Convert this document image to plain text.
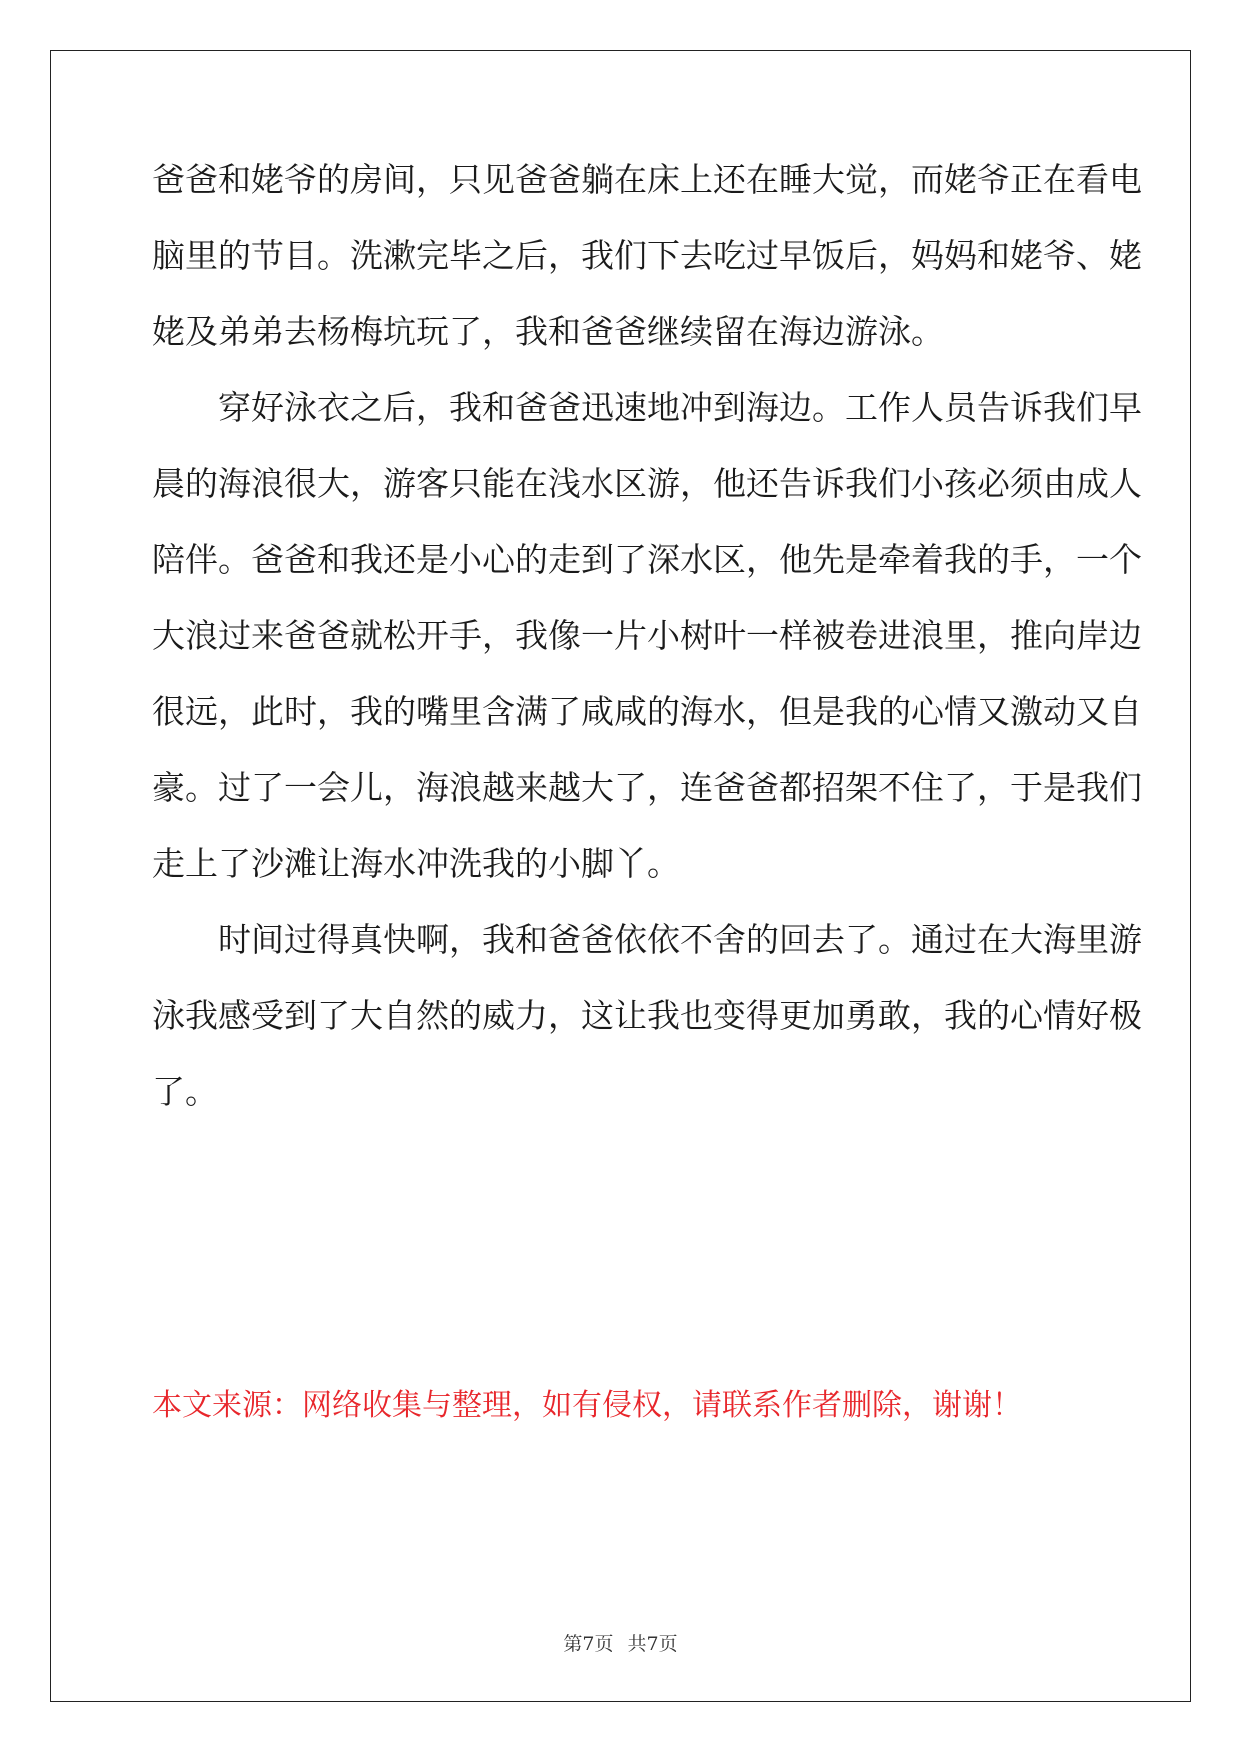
爸爸和姥爷的房间，只见爸爸躺在床上还在睡大觉，而姥爷正在看电
脑里的节目。洗漱完毕之后，我们下去吃过早饭后，妈妈和姥爷、姥
姥及弟弟去杨梅坑玩了，我和爸爸继续留在海边游泳。
　　穿好泳衣之后，我和爸爸迅速地冲到海边。工作人员告诉我们早
晨的海浪很大，游客只能在浅水区游，他还告诉我们小孩必须由成人
陪伴。爸爸和我还是小心的走到了深水区，他先是牵着我的手，一个
大浪过来爸爸就松开手，我像一片小树叶一样被卷进浪里，推向岸边
很远，此时，我的嘴里含满了咸咸的海水，但是我的心情又激动又自
豪。过了一会儿，海浪越来越大了，连爸爸都招架不住了，于是我们
走上了沙滩让海水冲洗我的小脚丫。
　　时间过得真快啊，我和爸爸依依不舍的回去了。通过在大海里游
泳我感受到了大自然的威力，这让我也变得更加勇敢，我的心情好极
了。
本文来源：网络收集与整理，如有侵权，请联系作者删除，谢谢！
第7页 共7页
